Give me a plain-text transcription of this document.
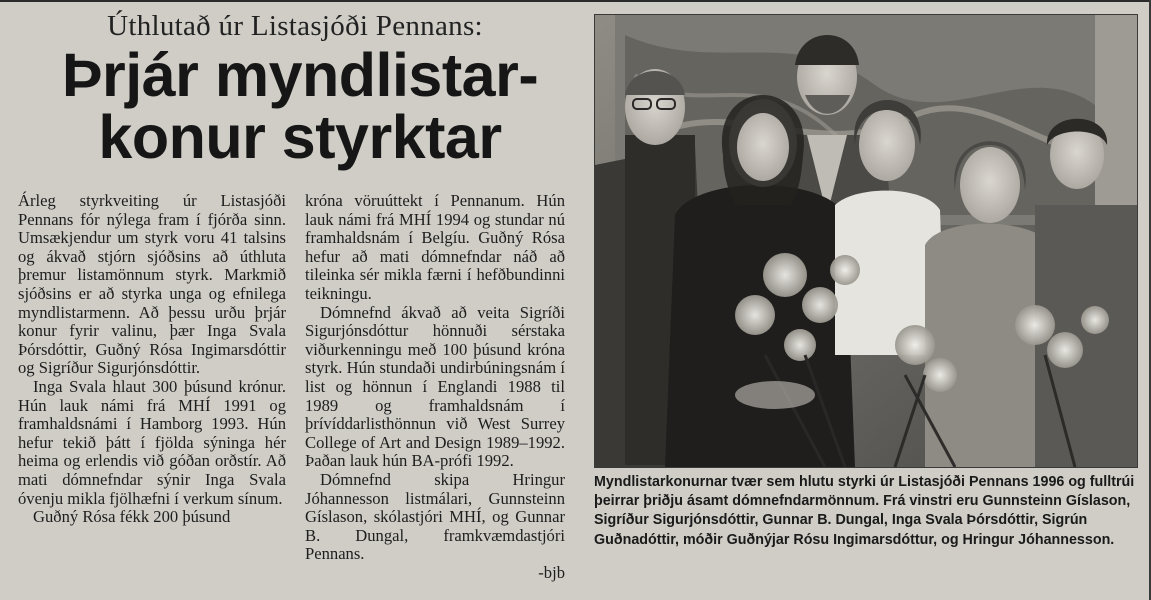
Úthlutað úr Listasjóði Pennans:
Þrjár myndlistar-
konur styrktar

Árleg styrkveiting úr Listasjóði Pennans fór nýlega fram í fjórða sinn. Umsækjendur um styrk voru 41 talsins og ákvað stjórn sjóðsins að úthluta þremur listamönnum styrk. Markmið sjóðsins er að styrka unga og efnilega myndlistarmenn. Að þessu urðu þrjár konur fyrir valinu, þær Inga Svala Þórsdóttir, Guðný Rósa Ingimarsdóttir og Sigríður Sigurjónsdóttir.

Inga Svala hlaut 300 þúsund krónur. Hún lauk námi frá MHÍ 1991 og framhaldsnámi í Hamborg 1993. Hún hefur tekið þátt í fjölda sýninga hér heima og erlendis við góðan orðstír. Að mati dómnefndar sýnir Inga Svala óvenju mikla fjölhæfni í verkum sínum.

Guðný Rósa fékk 200 þúsund

króna vöruúttekt í Pennanum. Hún lauk námi frá MHÍ 1994 og stundar nú framhaldsnám í Belgíu. Guðný Rósa hefur að mati dómnefndar náð að tileinka sér mikla færni í hefðbundinni teikningu.

Dómnefnd ákvað að veita Sigríði Sigurjónsdóttur hönnuði sérstaka viðurkenningu með 100 þúsund króna styrk. Hún stundaði undirbúningsnám í list og hönnun í Englandi 1988 til 1989 og framhaldsnám í þrívíddarlisthönnun við West Surrey College of Art and Design 1989–1992. Þaðan lauk hún BA-prófi 1992.

Dómnefnd skipa Hringur Jóhannesson listmálari, Gunnsteinn Gíslason, skólastjóri MHÍ, og Gunnar B. Dungal, framkvæmdastjóri Pennans.

-bjb

Myndlistarkonurnar tvær sem hlutu styrki úr Listasjóði Pennans 1996 og fulltrúi þeirrar þriðju ásamt dómnefndarmönnum. Frá vinstri eru Gunnsteinn Gíslason, Sigríður Sigurjónsdóttir, Gunnar B. Dungal, Inga Svala Þórsdóttir, Sigrún Guðnadóttir, móðir Guðnýjar Rósu Ingimarsdóttur, og Hringur Jóhannesson.
